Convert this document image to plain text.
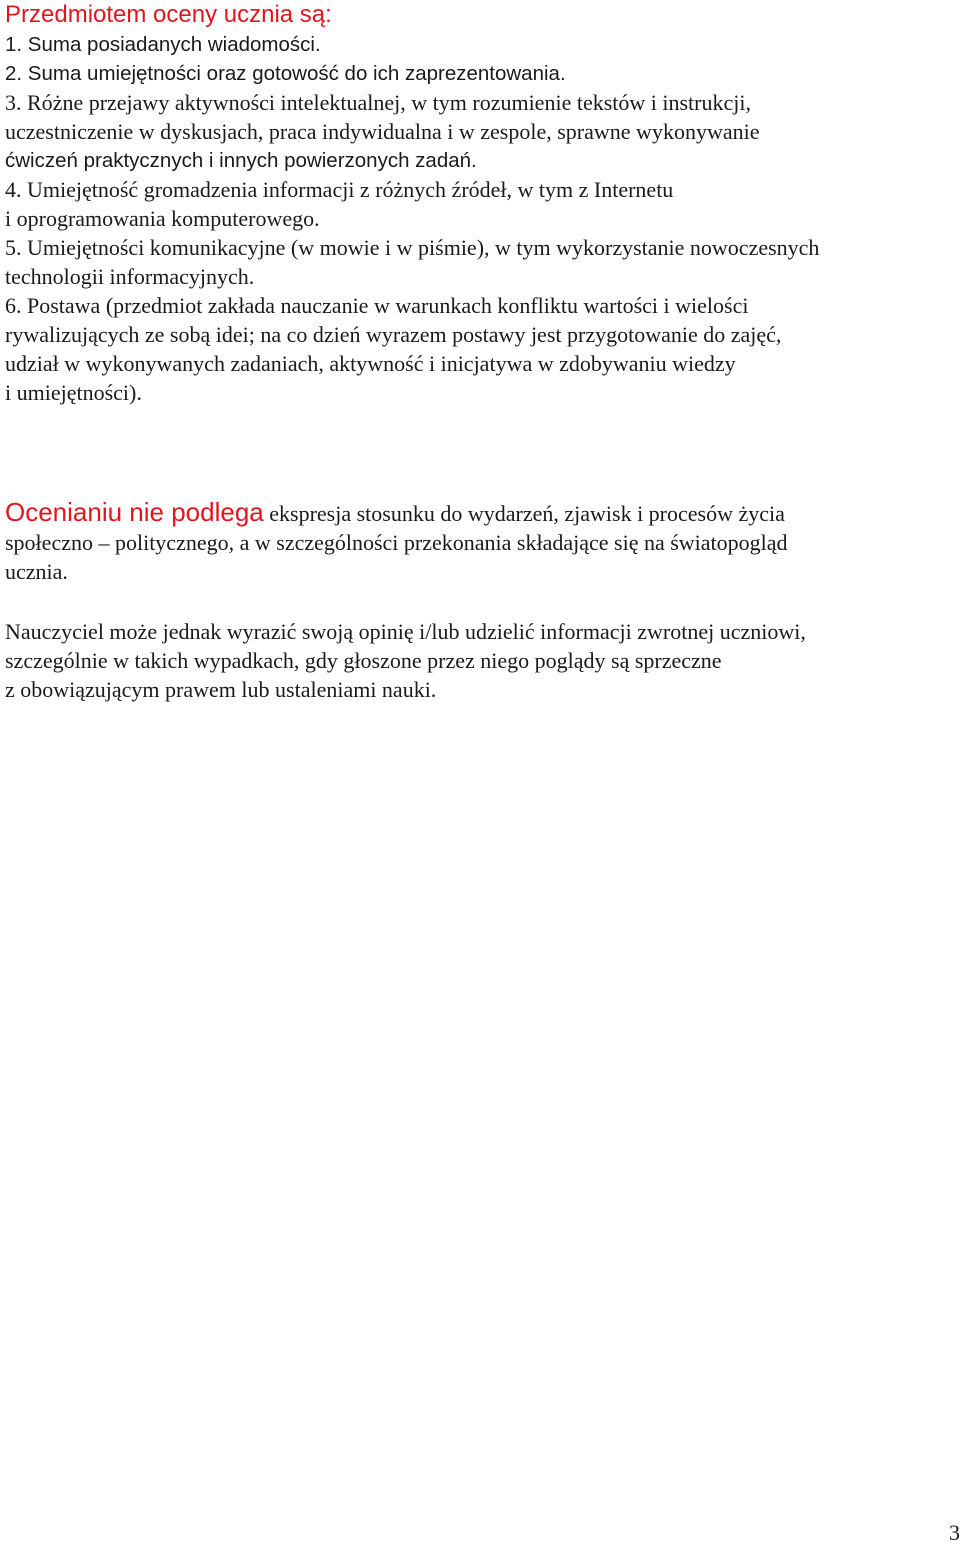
Przedmiotem oceny ucznia są:
1. Suma posiadanych wiadomości.
2. Suma umiejętności oraz gotowość do ich zaprezentowania.
3. Różne przejawy aktywności intelektualnej, w tym rozumienie tekstów i instrukcji,
uczestniczenie w dyskusjach, praca indywidualna i w zespole, sprawne wykonywanie
ćwiczeń praktycznych i innych powierzonych zadań.
4. Umiejętność gromadzenia informacji z różnych źródeł, w tym z Internetu
i oprogramowania komputerowego.
5. Umiejętności komunikacyjne (w mowie i w piśmie), w tym wykorzystanie nowoczesnych
technologii informacyjnych.
6. Postawa (przedmiot zakłada nauczanie w warunkach konfliktu wartości i wielości
rywalizujących ze sobą idei; na co dzień wyrazem postawy jest przygotowanie do zajęć,
udział w wykonywanych zadaniach, aktywność i inicjatywa w zdobywaniu wiedzy
i umiejętności).
Ocenianiu nie podlega ekspresja stosunku do wydarzeń, zjawisk i procesów życia
społeczno – politycznego, a w szczególności przekonania składające się na światopogląd
ucznia.
Nauczyciel może jednak wyrazić swoją opinię i/lub udzielić informacji zwrotnej uczniowi,
szczególnie w takich wypadkach, gdy głoszone przez niego poglądy są sprzeczne
z obowiązującym prawem lub ustaleniami nauki.
3
